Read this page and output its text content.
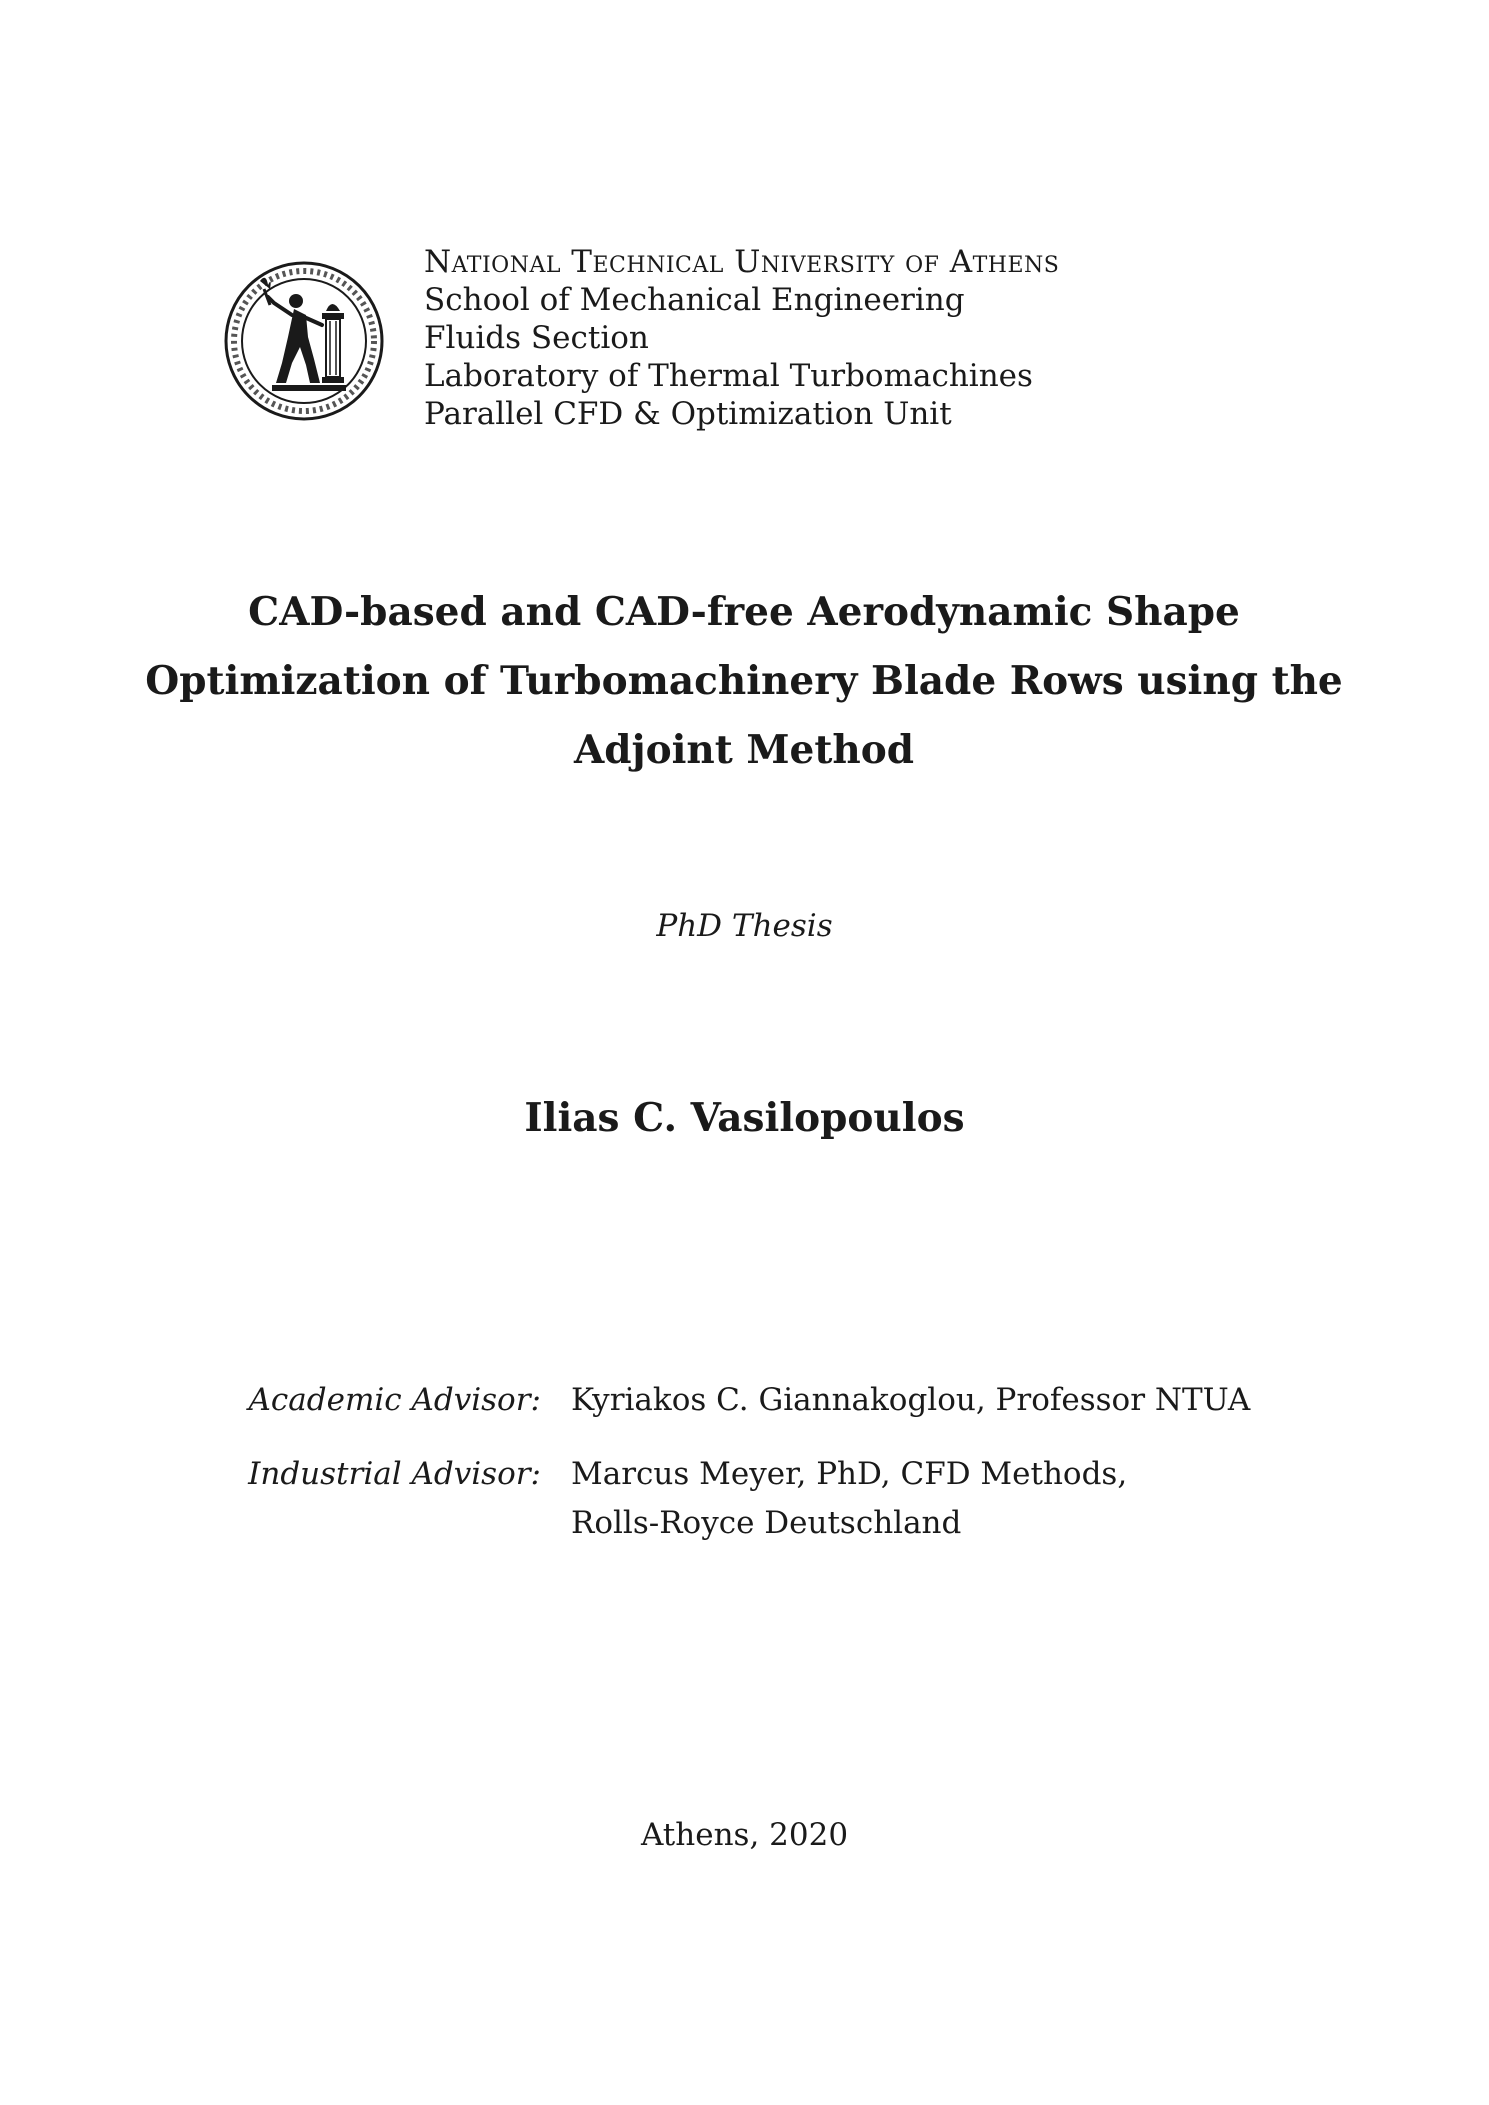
National Technical University of Athens
School of Mechanical Engineering
Fluids Section
Laboratory of Thermal Turbomachines
Parallel CFD & Optimization Unit
CAD-based and CAD-free Aerodynamic Shape
Optimization of Turbomachinery Blade Rows using the
Adjoint Method
PhD Thesis
Ilias C. Vasilopoulos
Academic Advisor: Kyriakos C. Giannakoglou, Professor NTUA
Industrial Advisor: Marcus Meyer, PhD, CFD Methods,
Rolls-Royce Deutschland
Athens, 2020
